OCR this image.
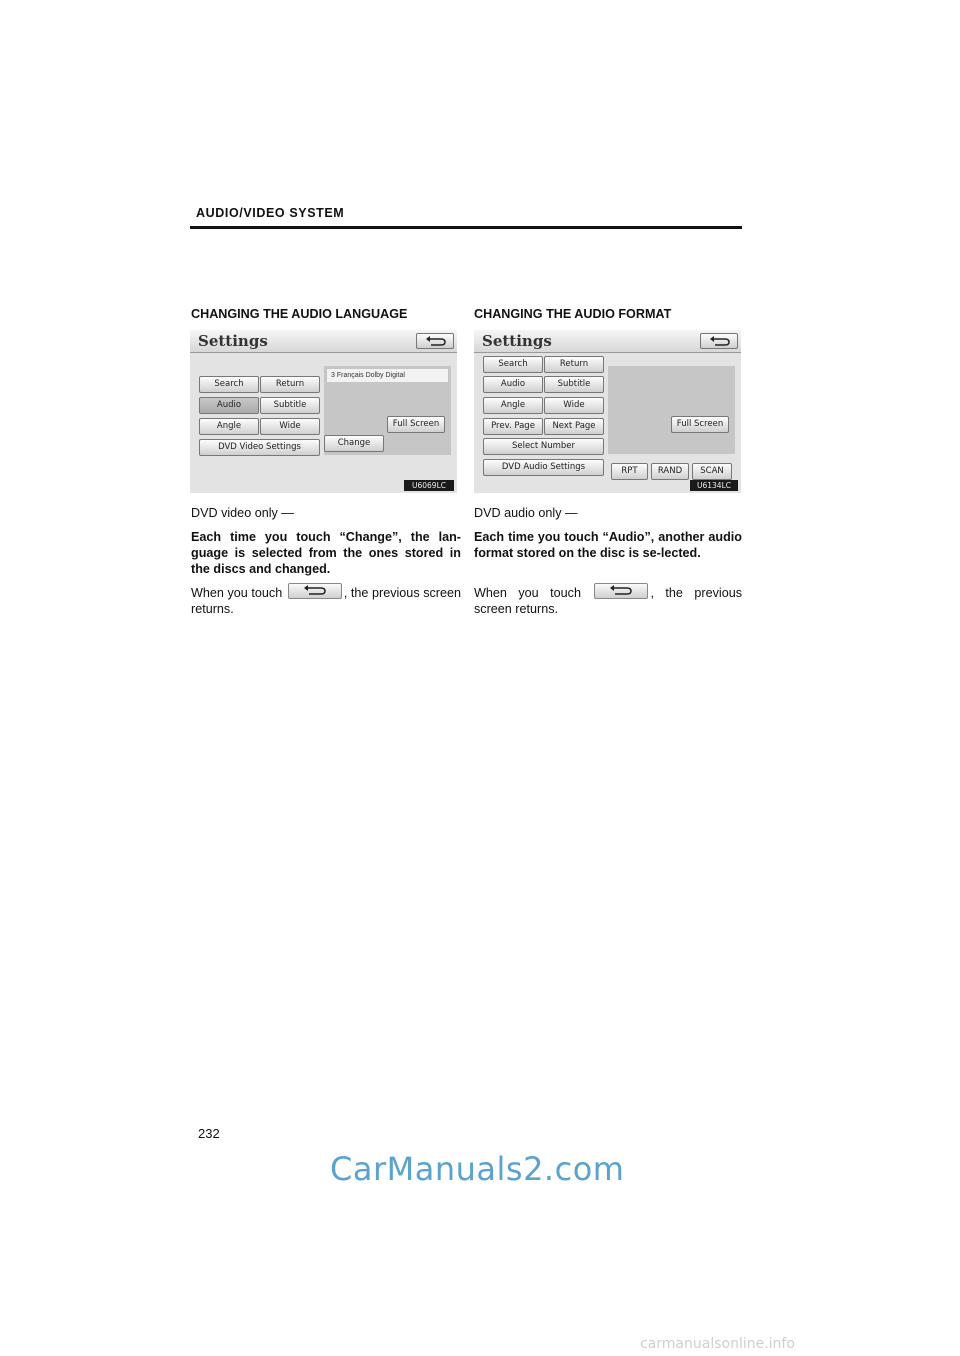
AUDIO/VIDEO SYSTEM
CHANGING THE AUDIO LANGUAGE
Settings
Search	Return
Audio	Subtitle
Angle	Wide
DVD Video Settings
3 Français Dolby Digital
Full Screen
Change
U6069LC
DVD video only —
Each time you touch “Change”, the lan-guage is selected from the ones stored in the discs and changed.
When you touch	, the previous screen returns.
CHANGING THE AUDIO FORMAT
Settings
Search	Return
Audio	Subtitle
Angle	Wide
Prev. Page	Next Page
Select Number
DVD Audio Settings
Full Screen
RPT	RAND	SCAN
U6134LC
DVD audio only —
Each time you touch “Audio”, another audio format stored on the disc is se-lected.
When you touch	, the previous screen returns.
232
CarManuals2.com
carmanualsonline.info
